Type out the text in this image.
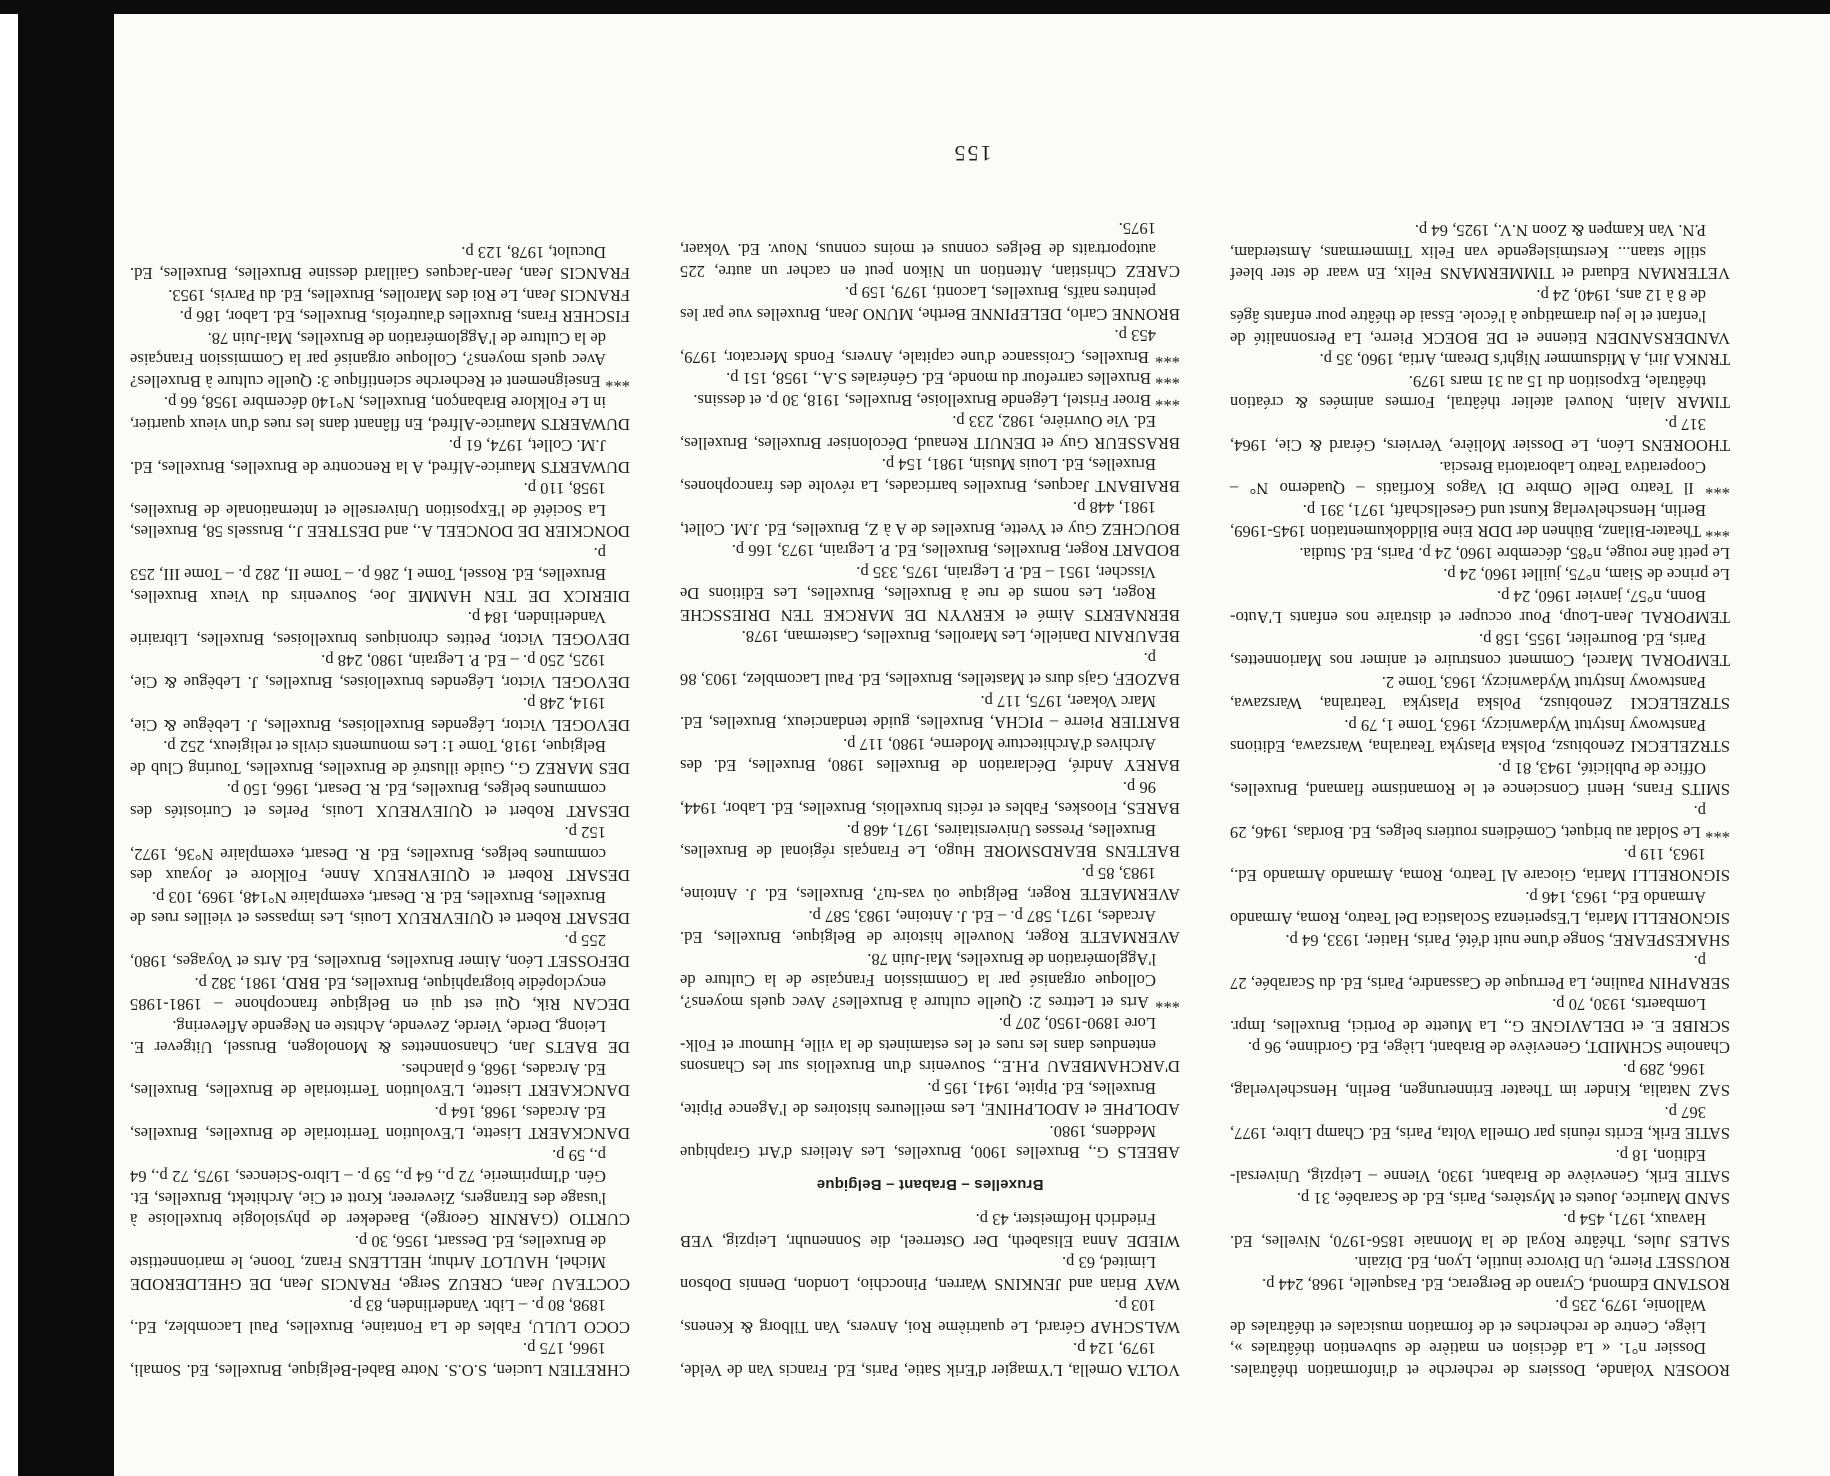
ROOSEN Yolande, Dossiers de recherche et d'information théâtrales. Dossier n°1. « La décision en matière de subvention théâtrales », Liège, Centre de recherches et de formation musicales et théâtrales de Wallonie, 1979, 235 p.

ROSTAND Edmond, Cyrano de Bergerac, Ed. Fasquelle, 1968, 244 p.

ROUSSET Pierre, Un Divorce inutile, Lyon, Ed. Dizain.

SALES Jules, Théâtre Royal de la Monnaie 1856-1970, Nivelles, Ed. Havaux, 1971, 454 p.

SAND Maurice, Jouets et Mystères, Paris, Ed. de Scarabée, 31 p.

SATIE Erik, Geneviève de Brabant, 1930, Vienne – Leipzig, Universal-Edition, 18 p.

SATIE Erik, Ecrits réunis par Ornella Volta, Paris, Ed. Champ Libre, 1977, 367 p.

SAZ Natalia, Kinder im Theater Erinnerungen, Berlin, Henschelverlag, 1966, 289 p.

Chanoine SCHMIDT, Geneviève de Brabant, Liège, Ed. Gordinne, 96 p.

SCRIBE E. et DELAVIGNE G., La Muette de Portici, Bruxelles, Impr. Lombaerts, 1930, 70 p.

SERAPHIN Pauline, La Perruque de Cassandre, Paris, Ed. du Scarabée, 27 p.

SHAKESPEARE, Songe d'une nuit d'été, Paris, Hatier, 1933, 64 p.

SIGNORELLI Maria, L'Esperienza Scolastica Del Teatro, Roma, Armando Armando Ed., 1963, 146 p.

SIGNORELLI Maria, Giocare Al Teatro, Roma, Armando Armando Ed., 1963, 119 p.

*** Le Soldat au briquet, Comédiens routiers belges, Ed. Bordas, 1946, 29 p.

SMITS Frans, Henri Conscience et le Romantisme flamand, Bruxelles, Office de Publicité, 1943, 81 p.

STRZELECKI Zenobiusz, Polska Plastyka Teatralna, Warszawa, Editions Panstwowy Instytut Wydawniczy, 1963, Tome 1, 79 p.

STRZELECKI Zenobiusz, Polska Plastyka Teatralna, Warszawa, Panstwowy Instytut Wydawniczy, 1963, Tome 2.

TEMPORAL Marcel, Comment construire et animer nos Marionnettes, Paris, Ed. Bourrelier, 1955, 158 p.

TEMPORAL Jean-Loup, Pour occuper et distraire nos enfants L'Auto-Bonn, n°57, janvier 1960, 24 p.

Le prince de Siam, n°75, juillet 1960, 24 p.

Le petit âne rouge, n°85, décembre 1960, 24 p. Paris, Ed. Studia.

*** Theater-Bilanz, Bühnen der DDR Eine Bilddokumentation 1945-1969, Berlin, Henschelverlag Kunst und Gesellschaft, 1971, 391 p.

*** Il Teatro Delle Ombre Di Vagos Korfiatis – Quaderno N° – Cooperativa Teatro Laboratoria Brescia.

THOORENS Léon, Le Dossier Molière, Verviers, Gérard & Cie, 1964, 317 p.

TIMAR Alain, Nouvel atelier théâtral, Formes animées & création théâtrale, Exposition du 15 au 31 mars 1979.

TRNKA Jiri, A Midsummer Night's Dream, Artia, 1960, 35 p.

VANDERSANDEN Etienne et DE BOECK Pierre, La Personnalité de l'enfant et le jeu dramatique à l'école. Essai de théâtre pour enfants âgés de 8 à 12 ans, 1940, 24 p.

VETERMAN Eduard et TIMMERMANS Felix, En waar de ster bleef stille staan... Kerstmislegende van Felix Timmermans, Amsterdam, P.N. Van Kampen & Zoon N.V., 1925, 64 p.

VOLTA Ornella, L'Ymagier d'Erik Satie, Paris, Ed. Francis Van de Velde, 1979, 124 p.

WALSCHAP Gérard, Le quatrième Roi, Anvers, Van Tilborg & Kenens, 103 p.

WAY Brian and JENKINS Warren, Pinocchio, London, Dennis Dobson Limited, 63 p.

WIEDE Anna Elisabeth, Der Osterreel, die Sonnenuhr, Leipzig, VEB Friedrich Hofmeister, 43 p.

Bruxelles – Brabant – Belgique

ABEELS G., Bruxelles 1900, Bruxelles, Les Ateliers d'Art Graphique Meddens, 1980.

ADOLPHE et ADOLPHINE, Les meilleures histoires de l'Agence Pipite, Bruxelles, Ed. Pipite, 1941, 195 p.

D'ARCHAMBEAU P.H.E., Souvenirs d'un Bruxellois sur les Chansons entendues dans les rues et les estaminets de la ville, Humour et Folk-Lore 1890-1950, 207 p.

*** Arts et Lettres 2: Quelle culture à Bruxelles? Avec quels moyens?, Colloque organisé par la Commission Française de la Culture de l'Agglomération de Bruxelles, Mai-Juin 78.

AVERMAETE Roger, Nouvelle histoire de Belgique, Bruxelles, Ed. Arcades, 1971, 587 p. – Ed. J. Antoine, 1983, 587 p.

AVERMAETE Roger, Belgique où vas-tu?, Bruxelles, Ed. J. Antoine, 1983, 85 p.

BAETENS BEARDSMORE Hugo, Le Français régional de Bruxelles, Bruxelles, Presses Universitaires, 1971, 468 p.

BARES, Flooskes, Fables et récits bruxellois, Bruxelles, Ed. Labor, 1944, 96 p.

BAREY André, Déclaration de Bruxelles 1980, Bruxelles, Ed. des Archives d'Architecture Moderne, 1980, 117 p.

BARTIER Pierre – PICHA, Bruxelles, guide tendancieux, Bruxelles, Ed. Marc Vokaer, 1975, 117 p.

BAZOEF, Gajs durs et Mastelles, Bruxelles, Ed. Paul Lacomblez, 1903, 86 p.

BEAURAIN Danielle, Les Marolles, Bruxelles, Casterman, 1978.

BERNAERTS Aimé et KERVYN DE MARCKE TEN DRIESSCHE Roger, Les noms de rue à Bruxelles, Bruxelles, Les Editions De Visscher, 1951 – Ed. P. Legrain, 1975, 335 p.

BODART Roger, Bruxelles, Bruxelles, Ed. P. Legrain, 1973, 166 p.

BOUCHEZ Guy et Yvette, Bruxelles de A à Z, Bruxelles, Ed. J.M. Collet, 1981, 448 p.

BRAIBANT Jacques, Bruxelles barricades, La révolte des francophones, Bruxelles, Ed. Louis Musin, 1981, 154 p.

BRASSEUR Guy et DENUIT Renaud, Décoloniser Bruxelles, Bruxelles, Ed. Vie Ouvrière, 1982, 233 p.

*** Broer Fristel, Légende Bruxelloise, Bruxelles, 1918, 30 p. et dessins.

*** Bruxelles carrefour du monde, Ed. Générales S.A., 1958, 151 p.

*** Bruxelles, Croissance d'une capitale, Anvers, Fonds Mercator, 1979, 453 p.

BRONNE Carlo, DELEPINNE Berthe, MUNO Jean, Bruxelles vue par les peintres naïfs, Bruxelles, Laconti, 1979, 159 p.

CAREZ Christian, Attention un Nikon peut en cacher un autre, 225 autoportraits de Belges connus et moins connus, Nouv. Ed. Vokaer, 1975.

CHRETIEN Lucien, S.O.S. Notre Babel-Belgique, Bruxelles, Ed. Somali, 1966, 175 p.

COCO LULU, Fables de La Fontaine, Bruxelles, Paul Lacomblez, Ed., 1898, 80 p. – Libr. Vanderlinden, 83 p.

COCTEAU Jean, CREUZ Serge, FRANCIS Jean, DE GHELDERODE Michel, HAULOT Arthur, HELLENS Franz, Toone, le marionnettiste de Bruxelles, Ed. Dessart, 1956, 30 p.

CURTIO (GARNIR George), Baedeker de physiologie bruxelloise à l'usage des Etrangers, Zievereer, Krott et Cie, Architekt, Bruxelles, Et. Gén. d'Imprimerie, 72 p., 64 p., 59 p. – Libro-Sciences, 1975, 72 p., 64 p., 59 p.

DANCKAERT Lisette, L'Evolution Territoriale de Bruxelles, Bruxelles, Ed. Arcades, 1968, 164 p.

DANCKAERT Lisette, L'Evolution Territoriale de Bruxelles, Bruxelles, Ed. Arcades, 1968, 6 planches.

DE BAETS Jan, Chansonnettes & Monologen, Brussel, Uitgever E. Leiong, Derde, Vierde, Zevende, Achtste en Negende Aflevering.

DECAN Rik, Qui est qui en Belgique francophone – 1981-1985 encyclopédie biographique, Bruxelles, Ed. BRD, 1981, 382 p.

DEFOSSET Léon, Aimer Bruxelles, Bruxelles, Ed. Arts et Voyages, 1980, 255 p.

DESART Robert et QUIEVREUX Louis, Les impasses et vieilles rues de Bruxelles, Bruxelles, Ed. R. Desart, exemplaire N°148, 1969, 103 p.

DESART Robert et QUIEVREUX Anne, Folklore et Joyaux des communes belges, Bruxelles, Ed. R. Desart, exemplaire N°36, 1972, 152 p.

DESART Robert et QUIEVREUX Louis, Perles et Curiosités des communes belges, Bruxelles, Ed. R. Desart, 1966, 150 p.

DES MAREZ G., Guide illustré de Bruxelles, Bruxelles, Touring Club de Belgique, 1918, Tome 1: Les monuments civils et religieux, 252 p.

DEVOGEL Victor, Légendes Bruxelloises, Bruxelles, J. Lebègue & Cie, 1914, 248 p.

DEVOGEL Victor, Légendes bruxelloises, Bruxelles, J. Lebègue & Cie, 1925, 250 p. – Ed. P. Legrain, 1980, 248 p.

DEVOGEL Victor, Petites chroniques bruxelloises, Bruxelles, Librairie Vanderlinden, 184 p.

DIERICX DE TEN HAMME Joe, Souvenirs du Vieux Bruxelles, Bruxelles, Ed. Rossel, Tome I, 286 p. – Tome II, 282 p. – Tome III, 253 p.

DONCKIER DE DONCEEL A., and DESTREE J., Brussels 58, Bruxelles, La Société de l'Exposition Universelle et Internationale de Bruxelles, 1958, 110 p.

DUWAERTS Maurice-Alfred, A la Rencontre de Bruxelles, Bruxelles, Ed. J.M. Collet, 1974, 61 p.

DUWAERTS Maurice-Alfred, En flânant dans les rues d'un vieux quartier, in Le Folklore Brabançon, Bruxelles, N°140 décembre 1958, 66 p.

*** Enseignement et Recherche scientifique 3: Quelle culture à Bruxelles? Avec quels moyens?, Colloque organisé par la Commission Française de la Culture de l'Agglomération de Bruxelles, Mai-Juin 78.

FISCHER Frans, Bruxelles d'autrefois, Bruxelles, Ed. Labor, 186 p.

FRANCIS Jean, Le Roi des Marolles, Bruxelles, Ed. du Parvis, 1953.

FRANCIS Jean, Jean-Jacques Gaillard dessine Bruxelles, Bruxelles, Ed. Duculot, 1978, 123 p.

155
